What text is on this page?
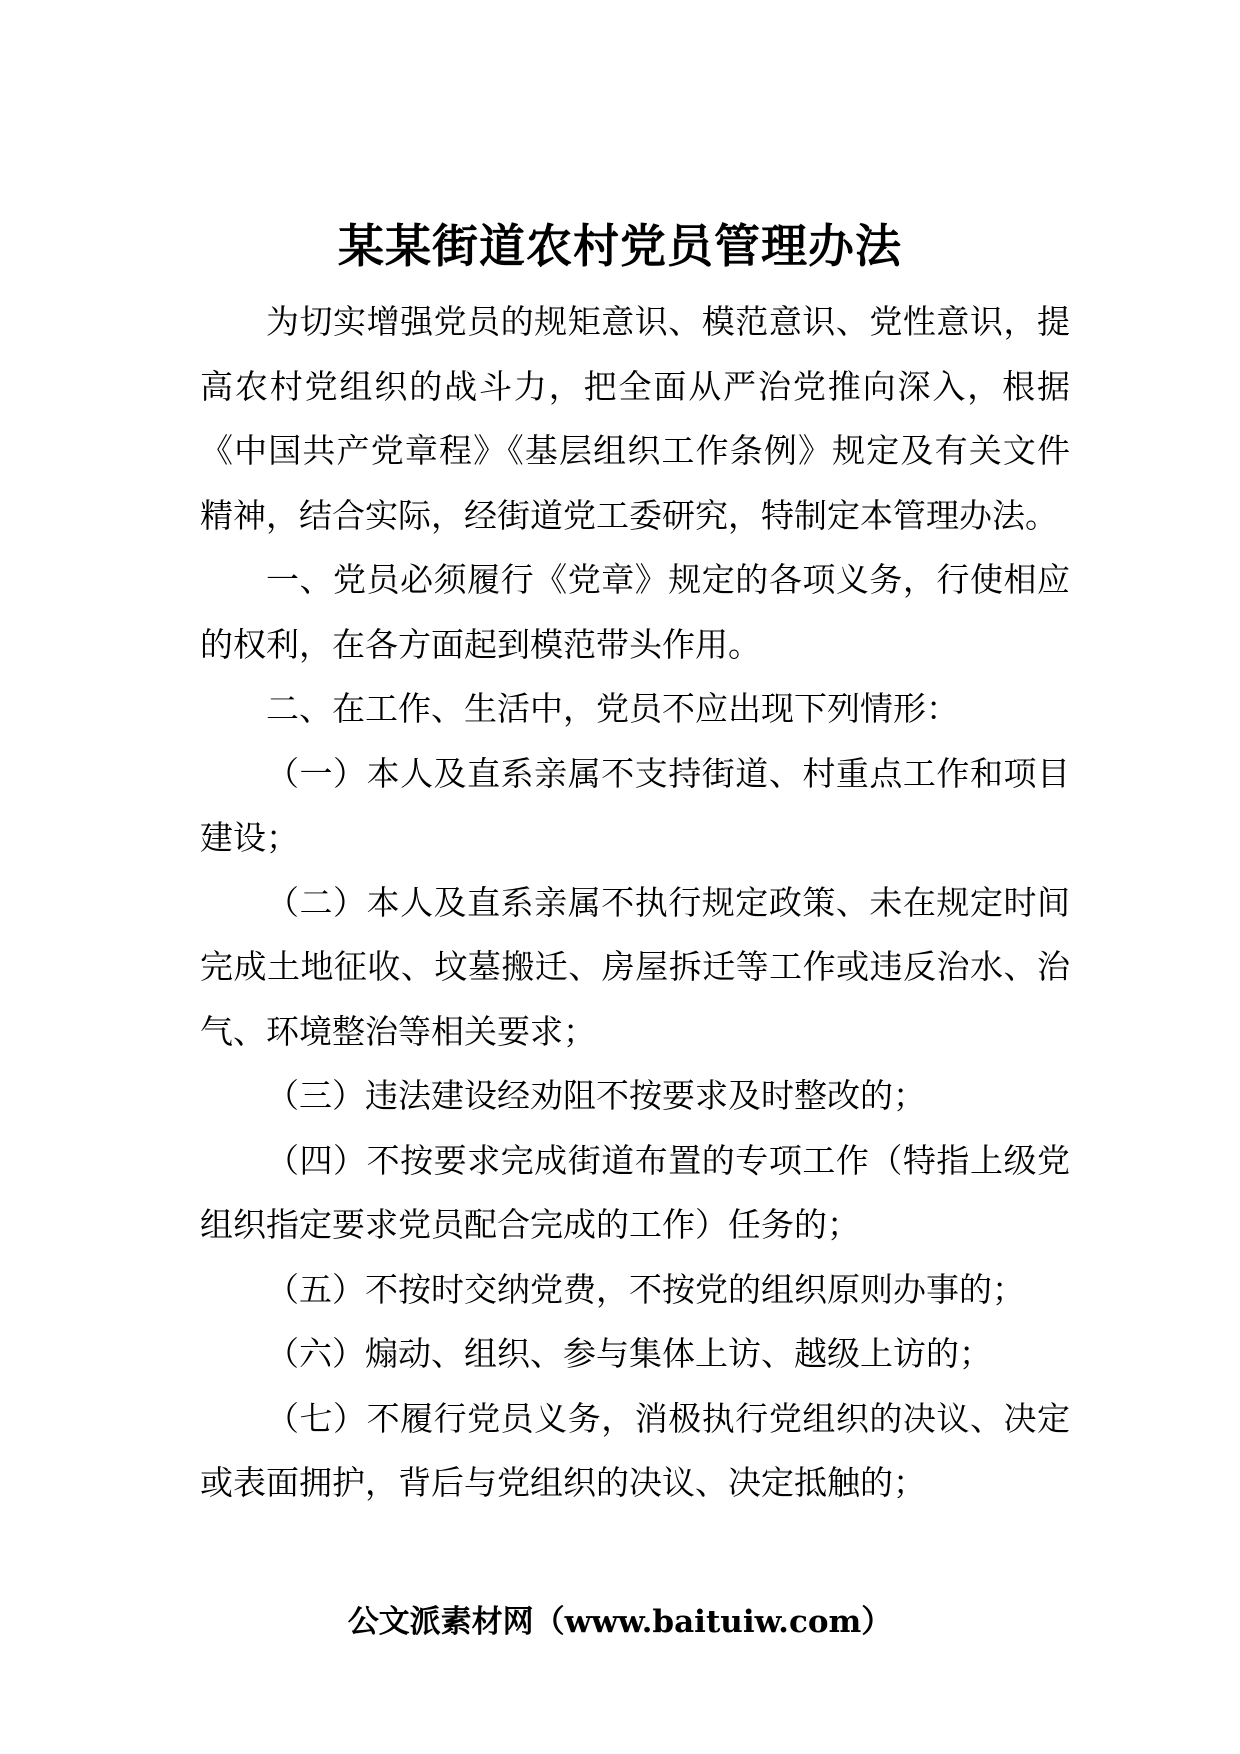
某某街道农村党员管理办法

为切实增强党员的规矩意识、模范意识、党性意识，提高农村党组织的战斗力，把全面从严治党推向深入，根据《中国共产党章程》《基层组织工作条例》规定及有关文件精神，结合实际，经街道党工委研究，特制定本管理办法。

一、党员必须履行《党章》规定的各项义务，行使相应的权利，在各方面起到模范带头作用。

二、在工作、生活中，党员不应出现下列情形：

（一）本人及直系亲属不支持街道、村重点工作和项目建设；

（二）本人及直系亲属不执行规定政策、未在规定时间完成土地征收、坟墓搬迁、房屋拆迁等工作或违反治水、治气、环境整治等相关要求；

（三）违法建设经劝阻不按要求及时整改的；

（四）不按要求完成街道布置的专项工作（特指上级党组织指定要求党员配合完成的工作）任务的；

（五）不按时交纳党费，不按党的组织原则办事的；

（六）煽动、组织、参与集体上访、越级上访的；

（七）不履行党员义务，消极执行党组织的决议、决定或表面拥护，背后与党组织的决议、决定抵触的；

公文派素材网（www.baituiw.com）
